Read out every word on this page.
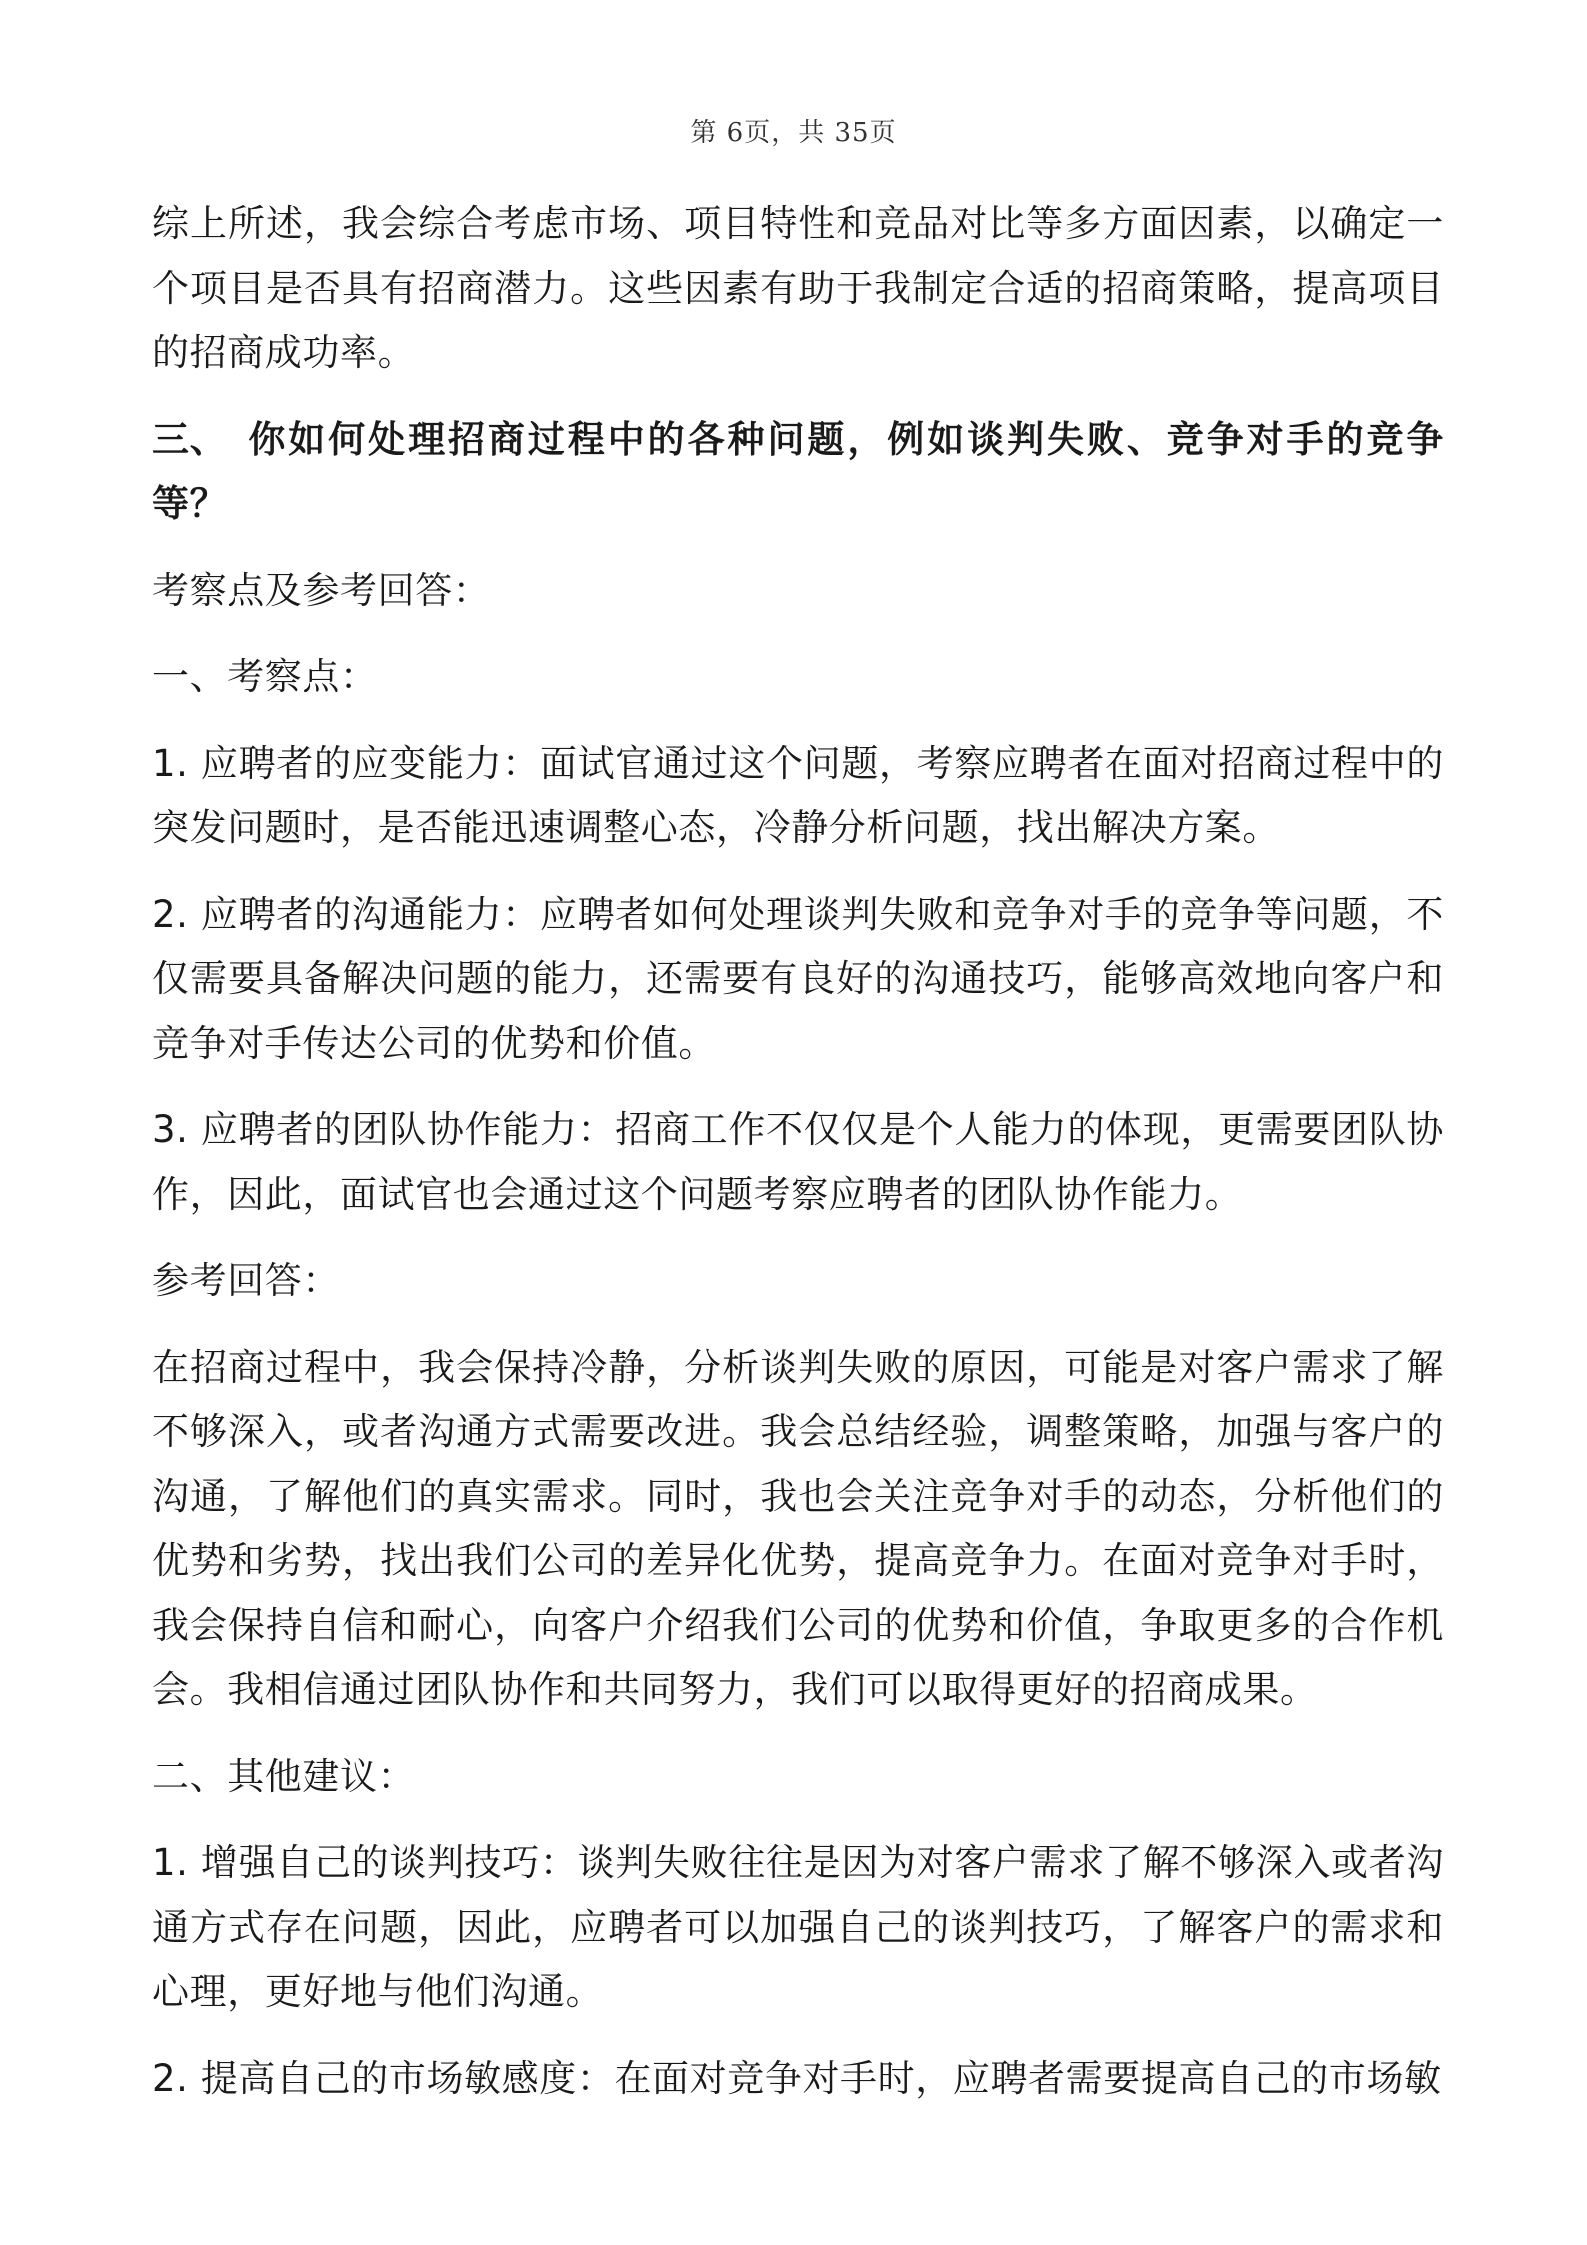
第 6页，共 35页

综上所述，我会综合考虑市场、项目特性和竞品对比等多方面因素，以确定一个项目是否具有招商潜力。这些因素有助于我制定合适的招商策略，提高项目的招商成功率。

三、 你如何处理招商过程中的各种问题，例如谈判失败、竞争对手的竞争等？

考察点及参考回答：

一、考察点：

1. 应聘者的应变能力：面试官通过这个问题，考察应聘者在面对招商过程中的突发问题时，是否能迅速调整心态，冷静分析问题，找出解决方案。

2. 应聘者的沟通能力：应聘者如何处理谈判失败和竞争对手的竞争等问题，不仅需要具备解决问题的能力，还需要有良好的沟通技巧，能够高效地向客户和竞争对手传达公司的优势和价值。

3. 应聘者的团队协作能力：招商工作不仅仅是个人能力的体现，更需要团队协作，因此，面试官也会通过这个问题考察应聘者的团队协作能力。

参考回答：

在招商过程中，我会保持冷静，分析谈判失败的原因，可能是对客户需求了解不够深入，或者沟通方式需要改进。我会总结经验，调整策略，加强与客户的沟通，了解他们的真实需求。同时，我也会关注竞争对手的动态，分析他们的优势和劣势，找出我们公司的差异化优势，提高竞争力。在面对竞争对手时，我会保持自信和耐心，向客户介绍我们公司的优势和价值，争取更多的合作机会。我相信通过团队协作和共同努力，我们可以取得更好的招商成果。

二、其他建议：

1. 增强自己的谈判技巧：谈判失败往往是因为对客户需求了解不够深入或者沟通方式存在问题，因此，应聘者可以加强自己的谈判技巧，了解客户的需求和心理，更好地与他们沟通。

2. 提高自己的市场敏感度：在面对竞争对手时，应聘者需要提高自己的市场敏
